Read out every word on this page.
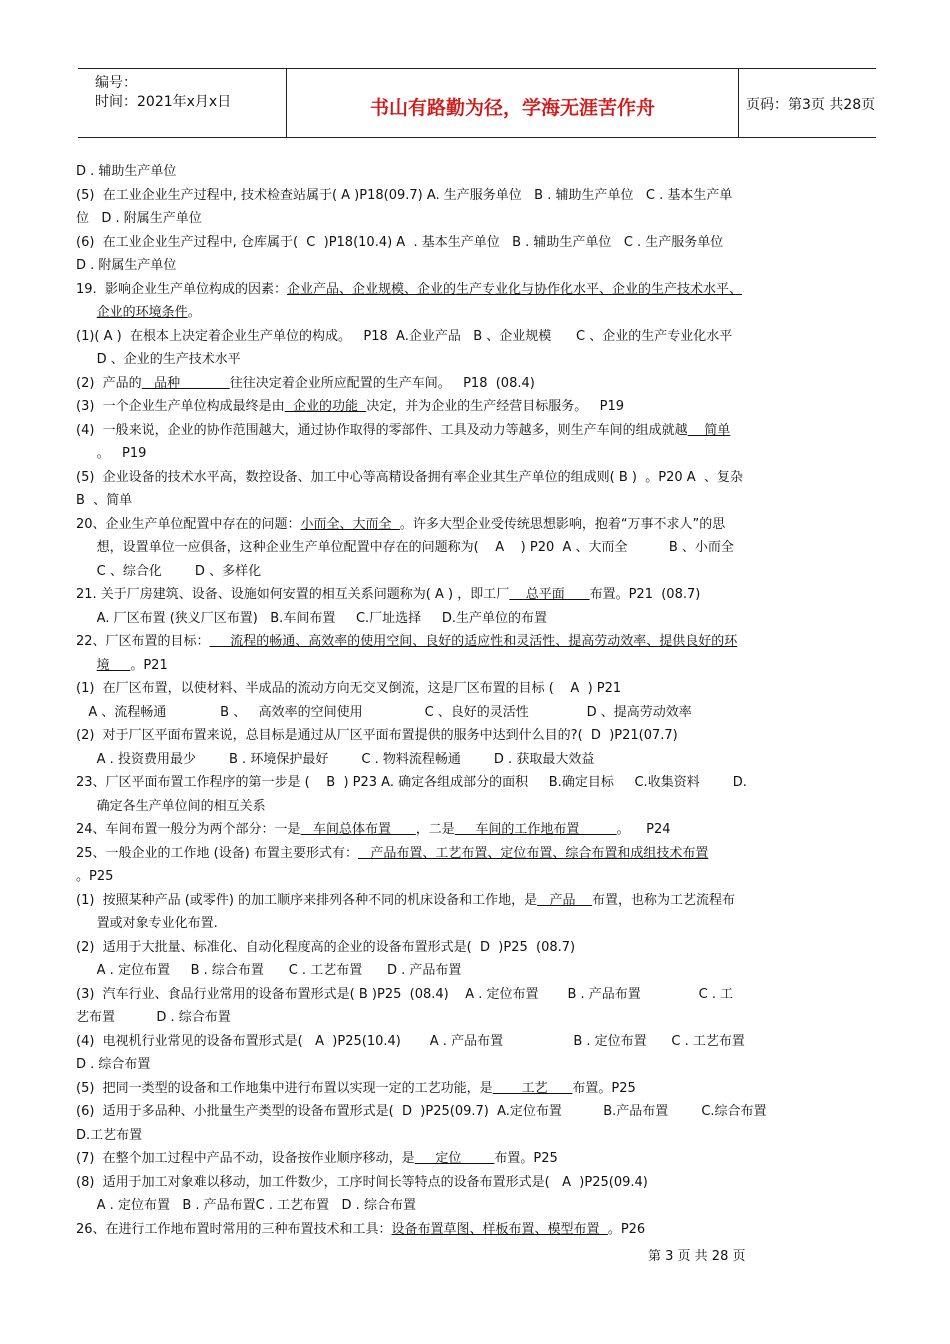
编号：
时间：2021年x月x日	书山有路勤为径，学海无涯苦作舟	页码：第3页 共28页
D . 辅助生产单位
(5)  在工业企业生产过程中, 技术检查站属于( A )P18(09.7) A. 生产服务单位   B . 辅助生产单位   C . 基本生产单
位   D . 附属生产单位
(6)  在工业企业生产过程中, 仓库属于(  C  )P18(10.4) A  . 基本生产单位   B . 辅助生产单位   C . 生产服务单位
D . 附属生产单位
19.  影响企业生产单位构成的因素：企业产品、企业规模、企业的生产专业化与协作化水平、企业的生产技术水平、
企业的环境条件。
(1)( A )  在根本上决定着企业生产单位的构成。   P18  A.企业产品   B 、企业规模      C 、企业的生产专业化水平
D 、企业的生产技术水平
(2)  产品的   品种            往往决定着企业所应配置的生产车间。   P18  (08.4)
(3)  一个企业生产单位构成最终是由  企业的功能  决定，并为企业的生产经营目标服务。   P19
(4)  一般来说，企业的协作范围越大，通过协作取得的零部件、工具及动力等越多，则生产车间的组成就越    简单
。   P19
(5)  企业设备的技术水平高，数控设备、加工中心等高精设备拥有率企业其生产单位的组成则( B )  。P20 A  、复杂
B  、简单
20、企业生产单位配置中存在的问题：小而全、大而全  。许多大型企业受传统思想影响，抱着“万事不求人”的思
想，设置单位一应俱备，这种企业生产单位配置中存在的问题称为(    A    ) P20  A 、大而全          B 、小而全
C 、综合化        D 、多样化
21. 关于厂房建筑、设备、设施如何安置的相互关系问题称为( A ) ，即工厂    总平面      布置。P21  (08.7)
A. 厂区布置 (狭义厂区布置)   B.车间布置     C.厂址选择     D.生产单位的布置
22、厂区布置的目标：     流程的畅通、高效率的使用空间、良好的适应性和灵活性、提高劳动效率、提供良好的环
境     。P21
(1)  在厂区布置，以使材料、半成品的流动方向无交叉倒流，这是厂区布置的目标 (    A  ) P21
A 、流程畅通             B 、   高效率的空间使用               C 、良好的灵活性              D 、提高劳动效率
(2)  对于厂区平面布置来说，总目标是通过从厂区平面布置提供的服务中达到什么目的?(  D  )P21(07.7)
A . 投资费用最少        B . 环境保护最好        C . 物料流程畅通        D . 获取最大效益
23、厂区平面布置工作程序的第一步是 (    B  ) P23 A. 确定各组成部分的面积     B.确定目标     C.收集资料        D.
确定各生产单位间的相互关系
24、车间布置一般分为两个部分：一是   车间总体布置      ，二是     车间的工作地布置         。    P24
25、一般企业的工作地 (设备) 布置主要形式有：   产品布置、工艺布置、定位布置、综合布置和成组技术布置
。P25
(1)  按照某种产品 (或零件) 的加工顺序来排列各种不同的机床设备和工作地，是   产品    布置，也称为工艺流程布
置或对象专业化布置.
(2)  适用于大批量、标准化、自动化程度高的企业的设备布置形式是(  D  )P25  (08.7)
A . 定位布置     B . 综合布置      C . 工艺布置      D . 产品布置
(3)  汽车行业、食品行业常用的设备布置形式是( B )P25  (08.4)    A . 定位布置       B . 产品布置              C . 工
艺布置          D . 综合布置
(4)  电视机行业常见的设备布置形式是(   A  )P25(10.4)       A . 产品布置                 B . 定位布置      C . 工艺布置
D . 综合布置
(5)  把同一类型的设备和工作地集中进行布置以实现一定的工艺功能，是       工艺      布置。P25
(6)  适用于多品种、小批量生产类型的设备布置形式是(  D  )P25(09.7)  A.定位布置          B.产品布置        C.综合布置
D.工艺布置
(7)  在整个加工过程中产品不动，设备按作业顺序移动，是     定位        布置。P25
(8)  适用于加工对象难以移动，加工件数少，工序时间长等特点的设备布置形式是(   A  )P25(09.4)
A . 定位布置   B . 产品布置C . 工艺布置   D . 综合布置
26、在进行工作地布置时常用的三种布置技术和工具：设备布置草图、样板布置、模型布置  。P26
第 3 页 共 28 页
